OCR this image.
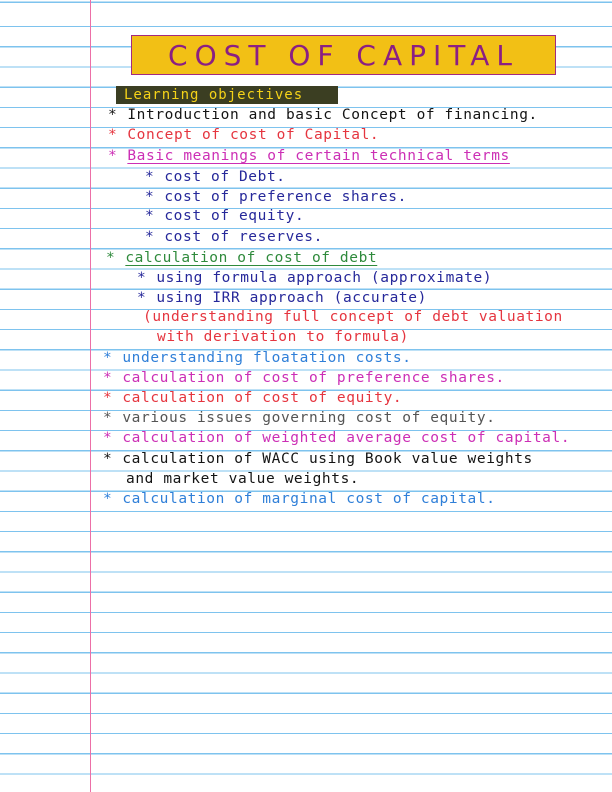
COST OF CAPITAL
Learning objectives
* Introduction and basic Concept of financing.
* Concept of cost of Capital.
* Basic meanings of certain technical terms
* cost of Debt.
* cost of preference shares.
* cost of equity.
* cost of reserves.
* calculation of cost of debt
* using formula approach (approximate)
* using IRR approach (accurate)
(understanding full concept of debt valuation
with derivation to formula)
* understanding floatation costs.
* calculation of cost of preference shares.
* calculation of cost of equity.
* various issues governing cost of equity.
* calculation of weighted average cost of capital.
* calculation of WACC using Book value weights
and market value weights.
* calculation of marginal cost of capital.
